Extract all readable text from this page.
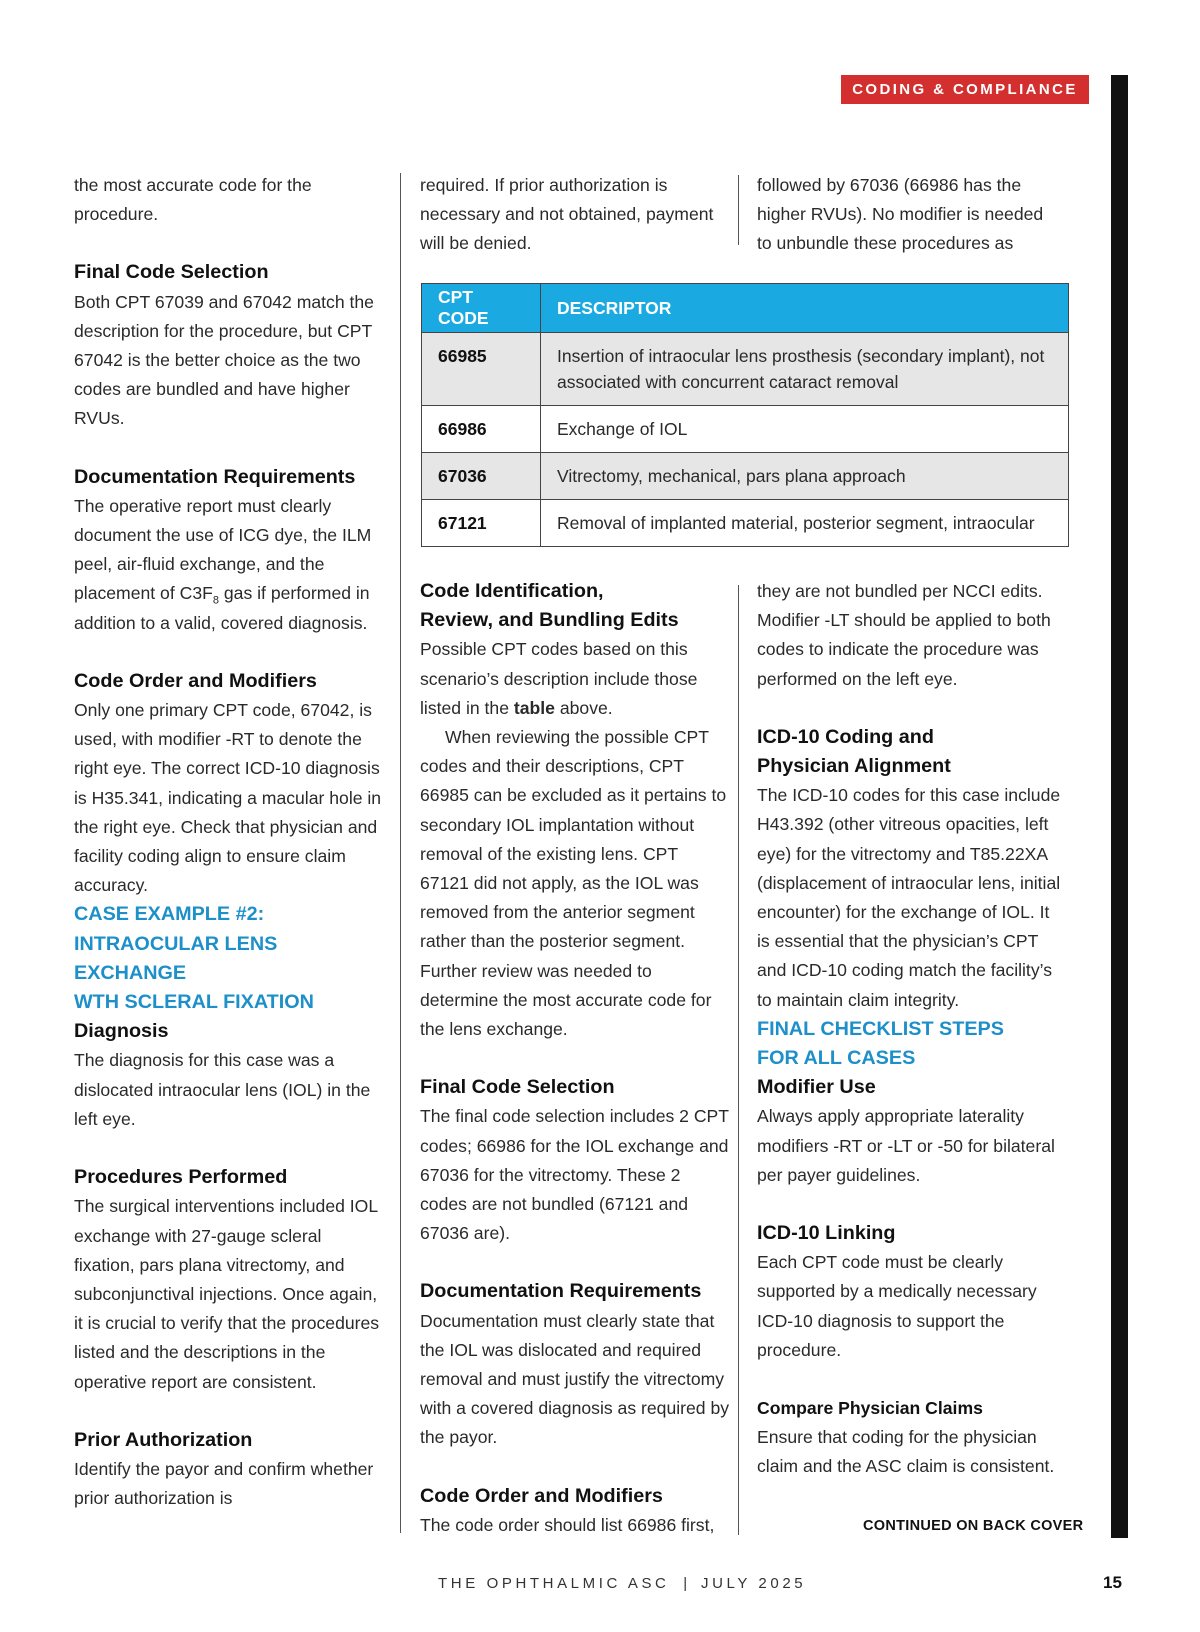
CODING & COMPLIANCE

the most accurate code for the procedure.

Final Code Selection

Both CPT 67039 and 67042 match the description for the procedure, but CPT 67042 is the better choice as the two codes are bundled and have higher RVUs.

Documentation Requirements

The operative report must clearly document the use of ICG dye, the ILM peel, air-fluid exchange, and the placement of $C3F_8$ gas if performed in addition to a valid, covered diagnosis.

Code Order and Modifiers

Only one primary CPT code, 67042, is used, with modifier -RT to denote the right eye. The correct ICD-10 diagnosis is H35.341, indicating a macular hole in the right eye. Check that physician and facility coding align to ensure claim accuracy.

CASE EXAMPLE #2:
INTRAOCULAR LENS EXCHANGE
WTH SCLERAL FIXATION
Diagnosis

The diagnosis for this case was a dislocated intraocular lens (IOL) in the left eye.

Procedures Performed

The surgical interventions included IOL exchange with 27-gauge scleral fixation, pars plana vitrectomy, and subconjunctival injections. Once again, it is crucial to verify that the procedures listed and the descriptions in the operative report are consistent.

Prior Authorization

Identify the payor and confirm whether prior authorization is

required. If prior authorization is necessary and not obtained, payment will be denied.

followed by 67036 (66986 has the higher RVUs). No modifier is needed to unbundle these procedures as

CPT CODE	DESCRIPTOR
66985	Insertion of intraocular lens prosthesis (secondary implant), not associated with concurrent cataract removal
66986	Exchange of IOL
67036	Vitrectomy, mechanical, pars plana approach
67121	Removal of implanted material, posterior segment, intraocular
Code Identification,
Review, and Bundling Edits

Possible CPT codes based on this scenario’s description include those listed in the table above.

When reviewing the possible CPT codes and their descriptions, CPT 66985 can be excluded as it pertains to secondary IOL implantation without removal of the existing lens. CPT 67121 did not apply, as the IOL was removed from the anterior segment rather than the posterior segment. Further review was needed to determine the most accurate code for the lens exchange.

Final Code Selection

The final code selection includes 2 CPT codes; 66986 for the IOL exchange and 67036 for the vitrectomy. These 2 codes are not bundled (67121 and 67036 are).

Documentation Requirements

Documentation must clearly state that the IOL was dislocated and required removal and must justify the vitrectomy with a covered diagnosis as required by the payor.

Code Order and Modifiers

The code order should list 66986 first,

they are not bundled per NCCI edits. Modifier -LT should be applied to both codes to indicate the procedure was performed on the left eye.

ICD-10 Coding and
Physician Alignment

The ICD-10 codes for this case include H43.392 (other vitreous opacities, left eye) for the vitrectomy and T85.22XA (displacement of intraocular lens, initial encounter) for the exchange of IOL. It is essential that the physician’s CPT and ICD-10 coding match the facility’s to maintain claim integrity.

FINAL CHECKLIST STEPS
FOR ALL CASES
Modifier Use

Always apply appropriate laterality modifiers -RT or -LT or -50 for bilateral per payer guidelines.

ICD-10 Linking

Each CPT code must be clearly supported by a medically necessary ICD-10 diagnosis to support the procedure.

Compare Physician Claims

Ensure that coding for the physician claim and the ASC claim is consistent.

CONTINUED ON BACK COVER
THE OPHTHALMIC ASC | JULY 2025	15
